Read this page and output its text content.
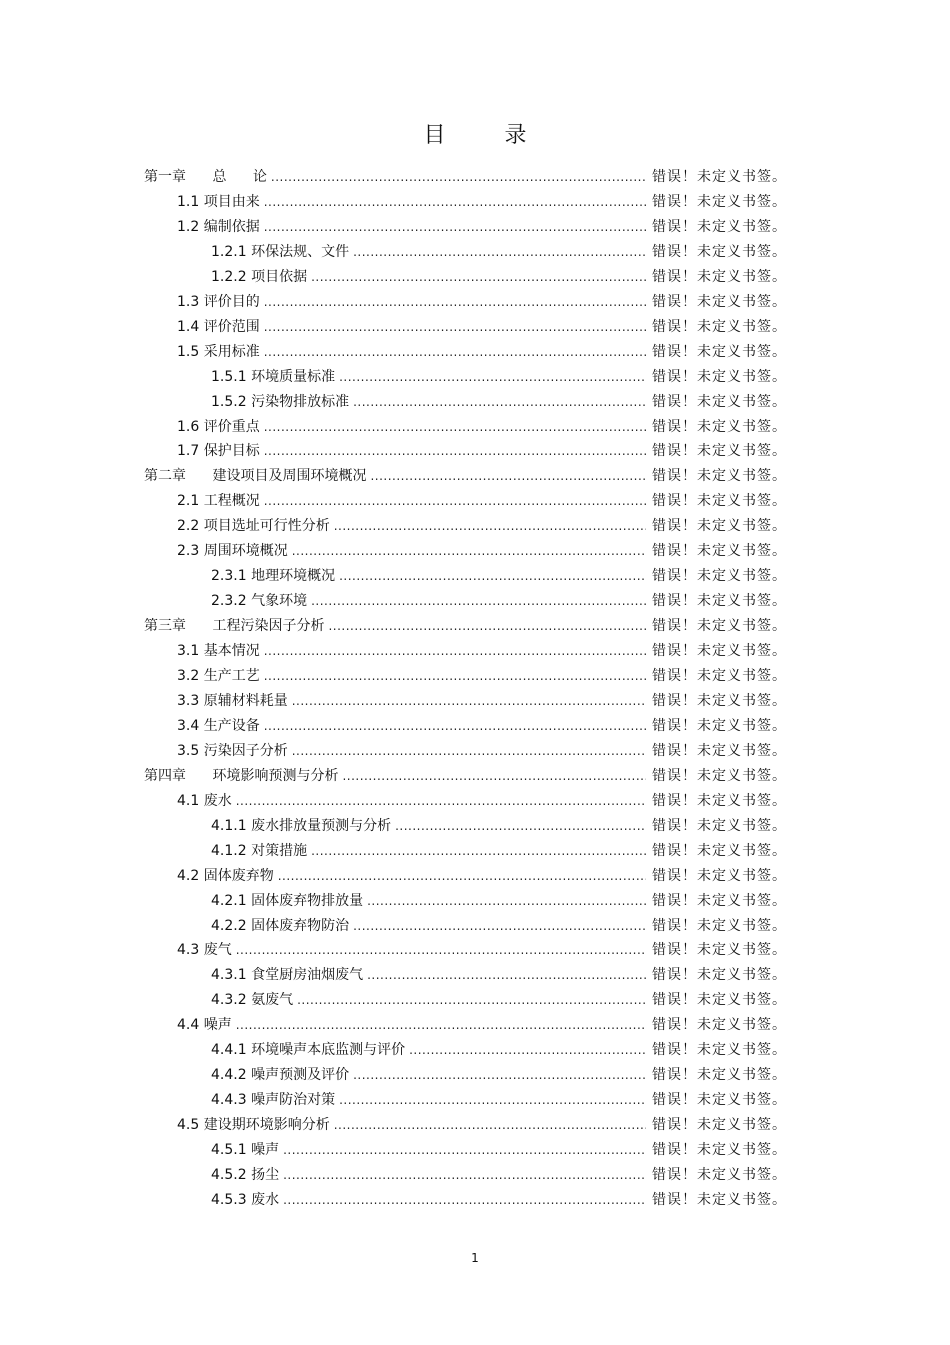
目 录
第一章 总 论 .....	错误！未定义书签。
1.1 项目由来 .....	错误！未定义书签。
1.2 编制依据 .....	错误！未定义书签。
1.2.1 环保法规、文件 .....	错误！未定义书签。
1.2.2 项目依据 .....	错误！未定义书签。
1.3 评价目的 .....	错误！未定义书签。
1.4 评价范围 .....	错误！未定义书签。
1.5 采用标准 .....	错误！未定义书签。
1.5.1 环境质量标准 .....	错误！未定义书签。
1.5.2 污染物排放标准 .....	错误！未定义书签。
1.6 评价重点 .....	错误！未定义书签。
1.7 保护目标 .....	错误！未定义书签。
第二章 建设项目及周围环境概况 .....	错误！未定义书签。
2.1 工程概况 .....	错误！未定义书签。
2.2 项目选址可行性分析 .....	错误！未定义书签。
2.3 周围环境概况 .....	错误！未定义书签。
2.3.1 地理环境概况 .....	错误！未定义书签。
2.3.2 气象环境 .....	错误！未定义书签。
第三章 工程污染因子分析 .....	错误！未定义书签。
3.1 基本情况 .....	错误！未定义书签。
3.2 生产工艺 .....	错误！未定义书签。
3.3 原辅材料耗量 .....	错误！未定义书签。
3.4 生产设备 .....	错误！未定义书签。
3.5 污染因子分析 .....	错误！未定义书签。
第四章 环境影响预测与分析 .....	错误！未定义书签。
4.1 废水 .....	错误！未定义书签。
4.1.1 废水排放量预测与分析 .....	错误！未定义书签。
4.1.2 对策措施 .....	错误！未定义书签。
4.2 固体废弃物 .....	错误！未定义书签。
4.2.1 固体废弃物排放量 .....	错误！未定义书签。
4.2.2 固体废弃物防治 .....	错误！未定义书签。
4.3 废气 .....	错误！未定义书签。
4.3.1 食堂厨房油烟废气 .....	错误！未定义书签。
4.3.2 氨废气 .....	错误！未定义书签。
4.4 噪声 .....	错误！未定义书签。
4.4.1 环境噪声本底监测与评价 .....	错误！未定义书签。
4.4.2 噪声预测及评价 .....	错误！未定义书签。
4.4.3 噪声防治对策 .....	错误！未定义书签。
4.5 建设期环境影响分析 .....	错误！未定义书签。
4.5.1 噪声 .....	错误！未定义书签。
4.5.2 扬尘 .....	错误！未定义书签。
4.5.3 废水 .....	错误！未定义书签。
1
